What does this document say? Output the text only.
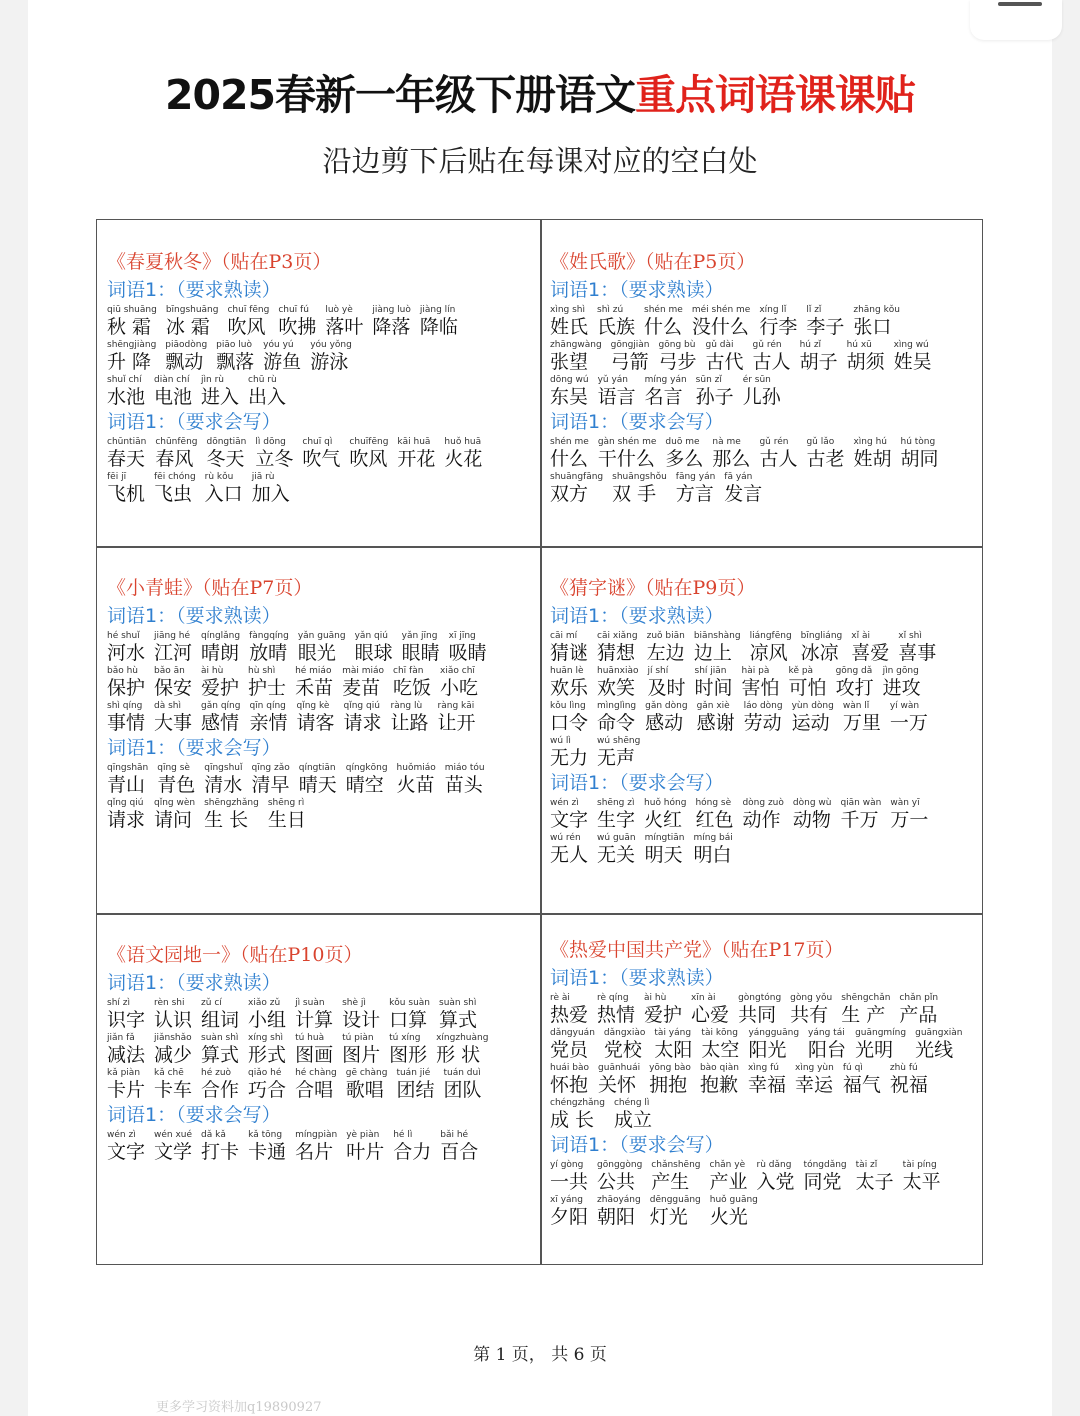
2025春新一年级下册语文重点词语课课贴
沿边剪下后贴在每课对应的空白处
《春夏秋冬》（贴在P3页）
词语1：（要求熟读）
qiū shuāng
秋 霜
bīngshuāng
冰 霜
chuī fēng
吹风
chuī fú
吹拂
luò yè
落叶
jiàng luò
降落
jiàng lín
降临
shēngjiàng
升 降
piāodòng
飘动
piāo luò
飘落
yóu yú
游鱼
yóu yǒng
游泳
shuǐ chí
水池
diàn chí
电池
jìn rù
进入
chū rù
出入
词语1：（要求会写）
chūntiān
春天
chūnfēng
春风
dōngtiān
冬天
lì dōng
立冬
chuī qì
吹气
chuīfēng
吹风
kāi huā
开花
huǒ huā
火花
fēi jī
飞机
fēi chóng
飞虫
rù kǒu
入口
jiā rù
加入
《姓氏歌》（贴在P5页）
词语1：（要求熟读）
xìng shì
姓氏
shì zú
氏族
shén me
什么
méi shén me
没什么
xíng lǐ
行李
lǐ zǐ
李子
zhāng kǒu
张口
zhāngwàng
张望
gōngjiàn
弓箭
gōng bù
弓步
gǔ dài
古代
gǔ rén
古人
hú zǐ
胡子
hú xū
胡须
xìng wú
姓吴
dōng wú
东吴
yǔ yán
语言
míng yán
名言
sūn zǐ
孙子
ér sūn
儿孙
词语1：（要求会写）
shén me
什么
gàn shén me
干什么
duō me
多么
nà me
那么
gǔ rén
古人
gǔ lǎo
古老
xìng hú
姓胡
hú tòng
胡同
shuāngfāng
双方
shuāngshǒu
双 手
fāng yán
方言
fā yán
发言
《小青蛙》（贴在P7页）
词语1：（要求熟读）
hé shuǐ
河水
jiāng hé
江河
qínglǎng
晴朗
fàngqíng
放晴
yǎn guāng
眼光
yǎn qiú
眼球
yǎn jīng
眼睛
xī jīng
吸睛
bǎo hù
保护
bǎo ān
保安
ài hù
爱护
hù shì
护士
hé miáo
禾苗
mài miáo
麦苗
chī fàn
吃饭
xiǎo chī
小吃
shì qíng
事情
dà shì
大事
gǎn qíng
感情
qīn qíng
亲情
qǐng kè
请客
qǐng qiú
请求
ràng lù
让路
ràng kāi
让开
词语1：（要求会写）
qīngshān
青山
qīng sè
青色
qīngshuǐ
清水
qīng zǎo
清早
qíngtiān
晴天
qíngkōng
晴空
huǒmiáo
火苗
miáo tóu
苗头
qǐng qiú
请求
qǐng wèn
请问
shēngzhǎng
生 长
shēng rì
生日
《猜字谜》（贴在P9页）
词语1：（要求熟读）
cāi mí
猜谜
cāi xiǎng
猜想
zuǒ biān
左边
biānshàng
边上
liángfēng
凉风
bīngliáng
冰凉
xǐ ài
喜爱
xǐ shì
喜事
huān lè
欢乐
huānxiào
欢笑
jí shí
及时
shí jiān
时间
hài pà
害怕
kě pà
可怕
gōng dǎ
攻打
jìn gōng
进攻
kǒu lìng
口令
mìnglìng
命令
gǎn dòng
感动
gǎn xiè
感谢
láo dòng
劳动
yùn dòng
运动
wàn lǐ
万里
yí wàn
一万
wú lì
无力
wú shēng
无声
词语1：（要求会写）
wén zì
文字
shēng zì
生字
huǒ hóng
火红
hóng sè
红色
dòng zuò
动作
dòng wù
动物
qiān wàn
千万
wàn yī
万一
wú rén
无人
wú guān
无关
míngtiān
明天
míng bái
明白
《语文园地一》（贴在P10页）
词语1：（要求熟读）
shí zì
识字
rèn shi
认识
zǔ cí
组词
xiǎo zǔ
小组
jì suàn
计算
shè jì
设计
kǒu suàn
口算
suàn shì
算式
jiǎn fǎ
减法
jiǎnshǎo
减少
suàn shì
算式
xíng shì
形式
tú huà
图画
tú piàn
图片
tú xíng
图形
xíngzhuàng
形 状
kǎ piàn
卡片
kǎ chē
卡车
hé zuò
合作
qiǎo hé
巧合
hé chàng
合唱
gē chàng
歌唱
tuán jié
团结
tuán duì
团队
词语1：（要求会写）
wén zì
文字
wén xué
文学
dǎ kǎ
打卡
kǎ tōng
卡通
míngpiàn
名片
yè piàn
叶片
hé lì
合力
bǎi hé
百合
《热爱中国共产党》（贴在P17页）
词语1：（要求熟读）
rè ài
热爱
rè qíng
热情
ài hù
爱护
xīn ài
心爱
gòngtóng
共同
gòng yǒu
共有
shēngchǎn
生 产
chǎn pǐn
产品
dǎngyuán
党员
dǎngxiào
党校
tài yáng
太阳
tài kōng
太空
yángguāng
阳光
yáng tái
阳台
guāngmíng
光明
guāngxiàn
光线
huái bào
怀抱
guānhuái
关怀
yōng bào
拥抱
bào qiàn
抱歉
xìng fú
幸福
xìng yùn
幸运
fú qì
福气
zhù fú
祝福
chéngzhǎng
成 长
chéng lì
成立
词语1：（要求会写）
yí gòng
一共
gōnggòng
公共
chǎnshēng
产生
chǎn yè
产业
rù dǎng
入党
tóngdǎng
同党
tài zǐ
太子
tài píng
太平
xī yáng
夕阳
zhāoyáng
朝阳
dēngguāng
灯光
huǒ guāng
火光
第 1 页， 共 6 页
更多学习资料加q19890927
